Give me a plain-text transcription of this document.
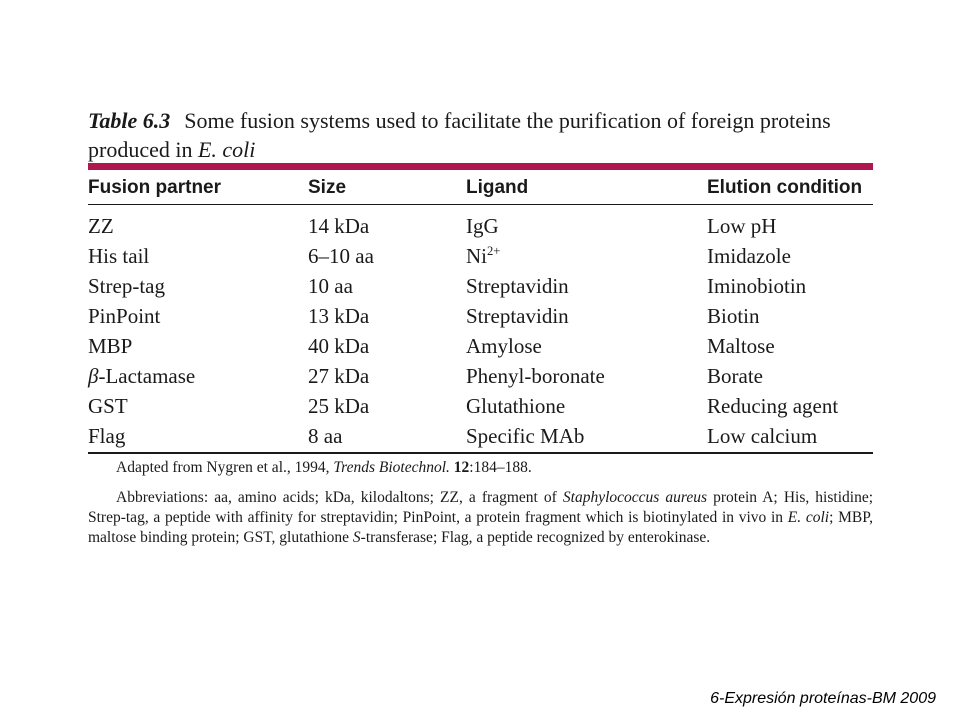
Table 6.3 Some fusion systems used to facilitate the purification of foreign proteins produced in E. coli
Fusion partner	Size	Ligand	Elution condition
ZZ	14 kDa	IgG	Low pH
His tail	6–10 aa	$Ni^{2+}$	Imidazole
Strep-tag	10 aa	Streptavidin	Iminobiotin
PinPoint	13 kDa	Streptavidin	Biotin
MBP	40 kDa	Amylose	Maltose
β-Lactamase	27 kDa	Phenyl-boronate	Borate
GST	25 kDa	Glutathione	Reducing agent
Flag	8 aa	Specific MAb	Low calcium
Adapted from Nygren et al., 1994, Trends Biotechnol. 12:184–188.
Abbreviations: aa, amino acids; kDa, kilodaltons; ZZ, a fragment of Staphylococcus aureus protein A; His, histidine; Strep-tag, a peptide with affinity for streptavidin; PinPoint, a protein fragment which is biotinylated in vivo in E. coli; MBP, maltose binding protein; GST, glutathione S-transferase; Flag, a peptide recognized by enterokinase.
6-Expresión proteínas-BM 2009
